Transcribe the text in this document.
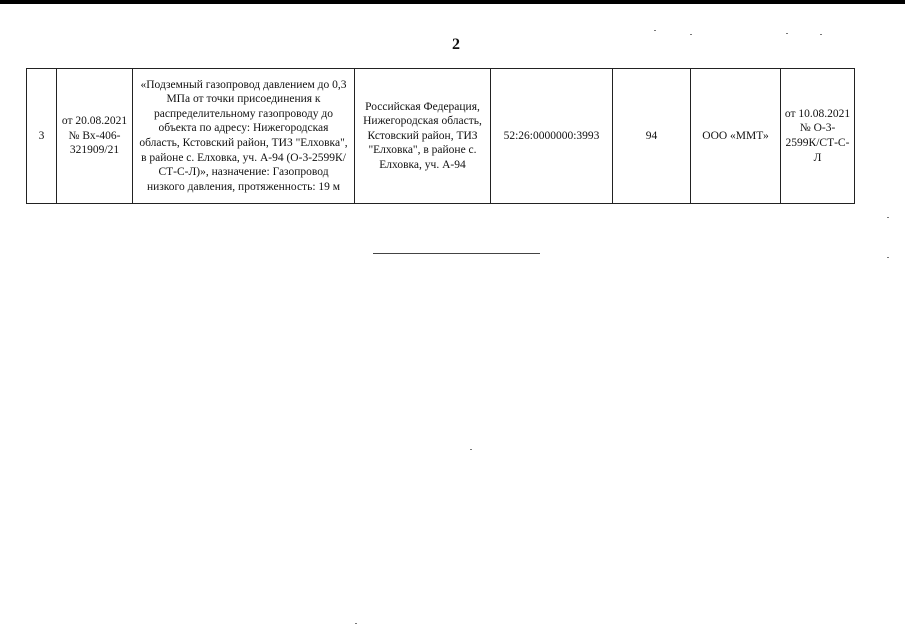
2
3	от 20.08.2021 № Вх-406-321909/21	«Подземный газопровод давлением до 0,3 МПа от точки присоединения к распределительному газопроводу до объекта по адресу: Нижегородская область, Кстовский район, ТИЗ "Елховка", в районе с. Елховка, уч. А-94 (О-3-2599К/СТ-С-Л)», назначение: Газопровод низкого давления, протяженность: 19 м	Российская Федерация, Нижегородская область, Кстовский район, ТИЗ "Елховка", в районе с. Елховка, уч. А-94	52:26:0000000:3993	94	ООО «ММТ»	от 10.08.2021 № О-3-2599К/СТ-С-Л
